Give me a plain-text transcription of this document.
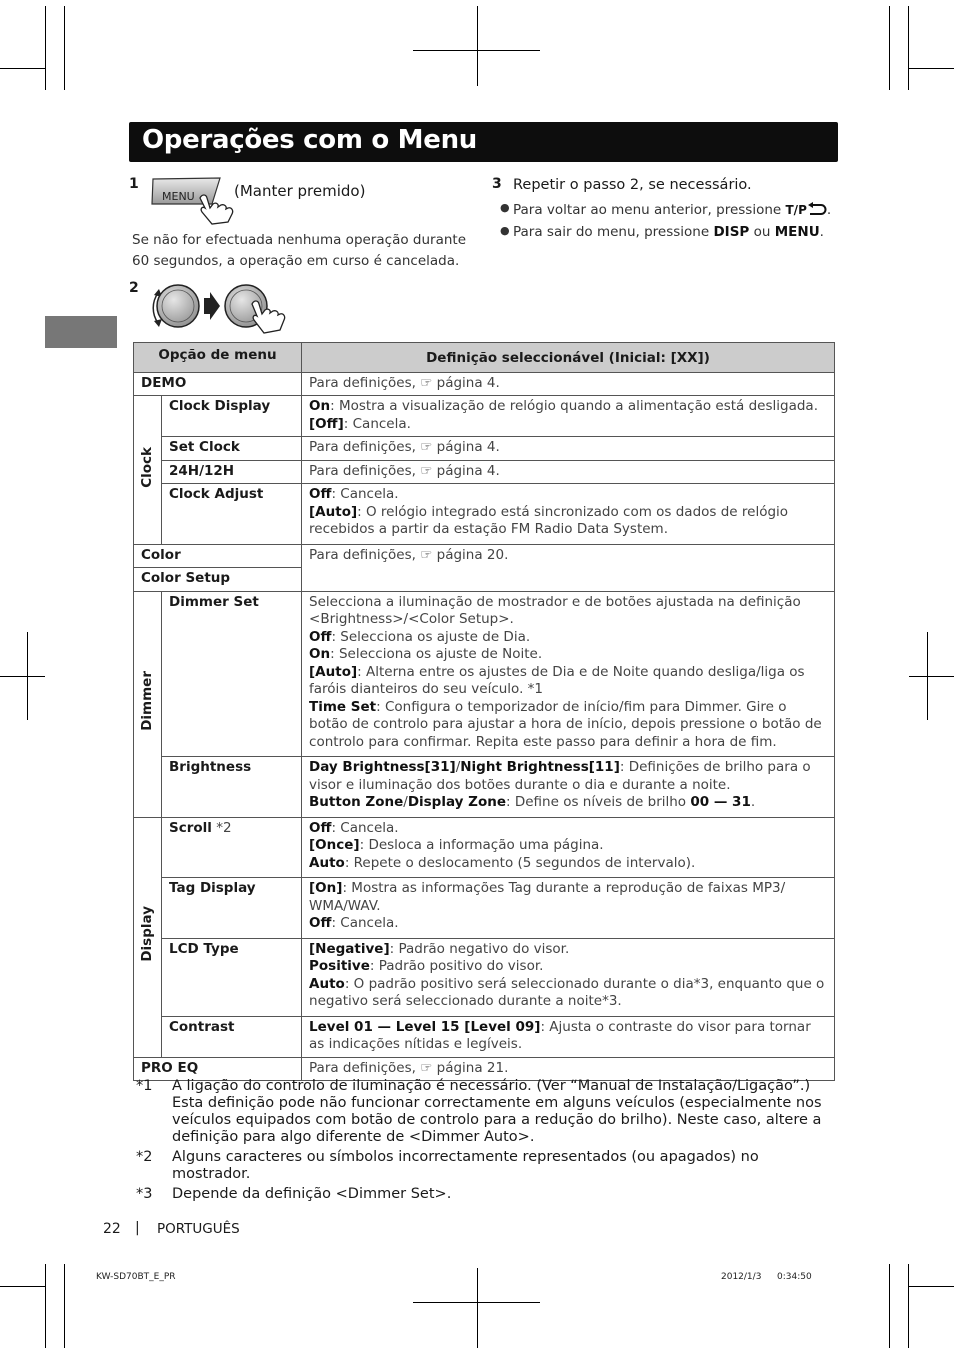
Operações com o Menu
1
MENU	(Manter premido)
Se não for efectuada nenhuma operação durante 60 segundos, a operação em curso é cancelada.
2
3 Repetir o passo 2, se necessário.
● Para voltar ao menu anterior, pressione T/P .
● Para sair do menu, pressione DISP ou MENU.
Opção de menu		Definição seleccionável (Inicial: [XX])
DEMO		Para definições, ☞ página 4.
Clock	Clock Display	On: Mostra a visualização de relógio quando a alimentação está desligada.
[Off]: Cancela.
	Set Clock	Para definições, ☞ página 4.
	24H/12H	Para definições, ☞ página 4.
	Clock Adjust	Off: Cancela.
[Auto]: O relógio integrado está sincronizado com os dados de relógio recebidos a partir da estação FM Radio Data System.
Color		Para definições, ☞ página 20.
Color Setup		
Dimmer	Dimmer Set	Selecciona a iluminação de mostrador e de botões ajustada na definição <Brightness>/<Color Setup>.
Off: Selecciona os ajuste de Dia.
On: Selecciona os ajuste de Noite.
[Auto]: Alterna entre os ajustes de Dia e de Noite quando desliga/liga os faróis dianteiros do seu veículo. *1
Time Set: Configura o temporizador de início/fim para Dimmer. Gire o botão de controlo para ajustar a hora de início, depois pressione o botão de controlo para confirmar. Repita este passo para definir a hora de fim.
	Brightness	Day Brightness[31]/Night Brightness[11]: Definições de brilho para o visor e iluminação dos botões durante o dia e durante a noite.
Button Zone/Display Zone: Define os níveis de brilho 00 — 31.
Display	Scroll *2	Off: Cancela.
[Once]: Desloca a informação uma página.
Auto: Repete o deslocamento (5 segundos de intervalo).
	Tag Display	[On]: Mostra as informações Tag durante a reprodução de faixas MP3/ WMA/WAV.
Off: Cancela.
	LCD Type	[Negative]: Padrão negativo do visor.
Positive: Padrão positivo do visor.
Auto: O padrão positivo será seleccionado durante o dia*3, enquanto que o negativo será seleccionado durante a noite*3.
	Contrast	Level 01 — Level 15 [Level 09]: Ajusta o contraste do visor para tornar as indicações nítidas e legíveis.
PRO EQ		Para definições, ☞ página 21.
*1	A ligação do controlo de iluminação é necessário. (Ver “Manual de Instalação/Ligação”.) Esta definição pode não funcionar correctamente em alguns veículos (especialmente nos veículos equipados com botão de controlo para a redução do brilho). Neste caso, altere a definição para algo diferente de <Dimmer Auto>.
*2	Alguns caracteres ou símbolos incorrectamente representados (ou apagados) no mostrador.
*3	Depende da definição <Dimmer Set>.
22 | PORTUGUÊS
KW-SD70BT_E_PR	2012/1/3 0:34:50
